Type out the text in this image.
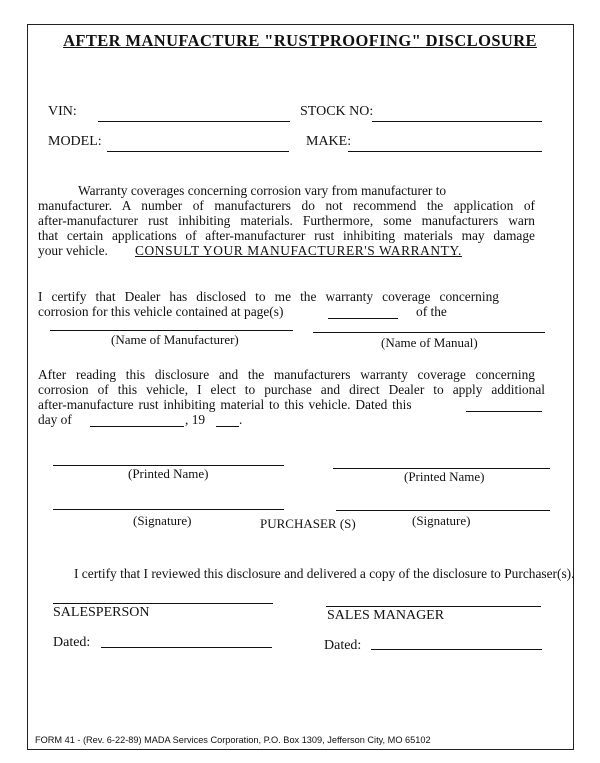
AFTER MANUFACTURE "RUSTPROOFING" DISCLOSURE
VIN:	STOCK NO:
MODEL:	MAKE:
Warranty coverages concerning corrosion vary from manufacturer to
manufacturer. A number of manufacturers do not recommend the application of
after-manufacturer rust inhibiting materials. Furthermore, some manufacturers warn
that certain applications of after-manufacturer rust inhibiting materials may damage
your vehicle. CONSULT YOUR MANUFACTURER'S WARRANTY.
I certify that Dealer has disclosed to me the warranty coverage concerning
corrosion for this vehicle contained at page(s)	of the
(Name of Manufacturer)	(Name of Manual)
After reading this disclosure and the manufacturers warranty coverage concerning
corrosion of this vehicle, I elect to purchase and direct Dealer to apply additional
after-manufacture rust inhibiting material to this vehicle. Dated this
day of	, 19	.
(Printed Name)	(Printed Name)
(Signature)	PURCHASER (S)	(Signature)
I certify that I reviewed this disclosure and delivered a copy of the disclosure to Purchaser(s).
SALESPERSON	SALES MANAGER
Dated:	Dated:
FORM 41 - (Rev. 6-22-89) MADA Services Corporation, P.O. Box 1309, Jefferson City, MO 65102
